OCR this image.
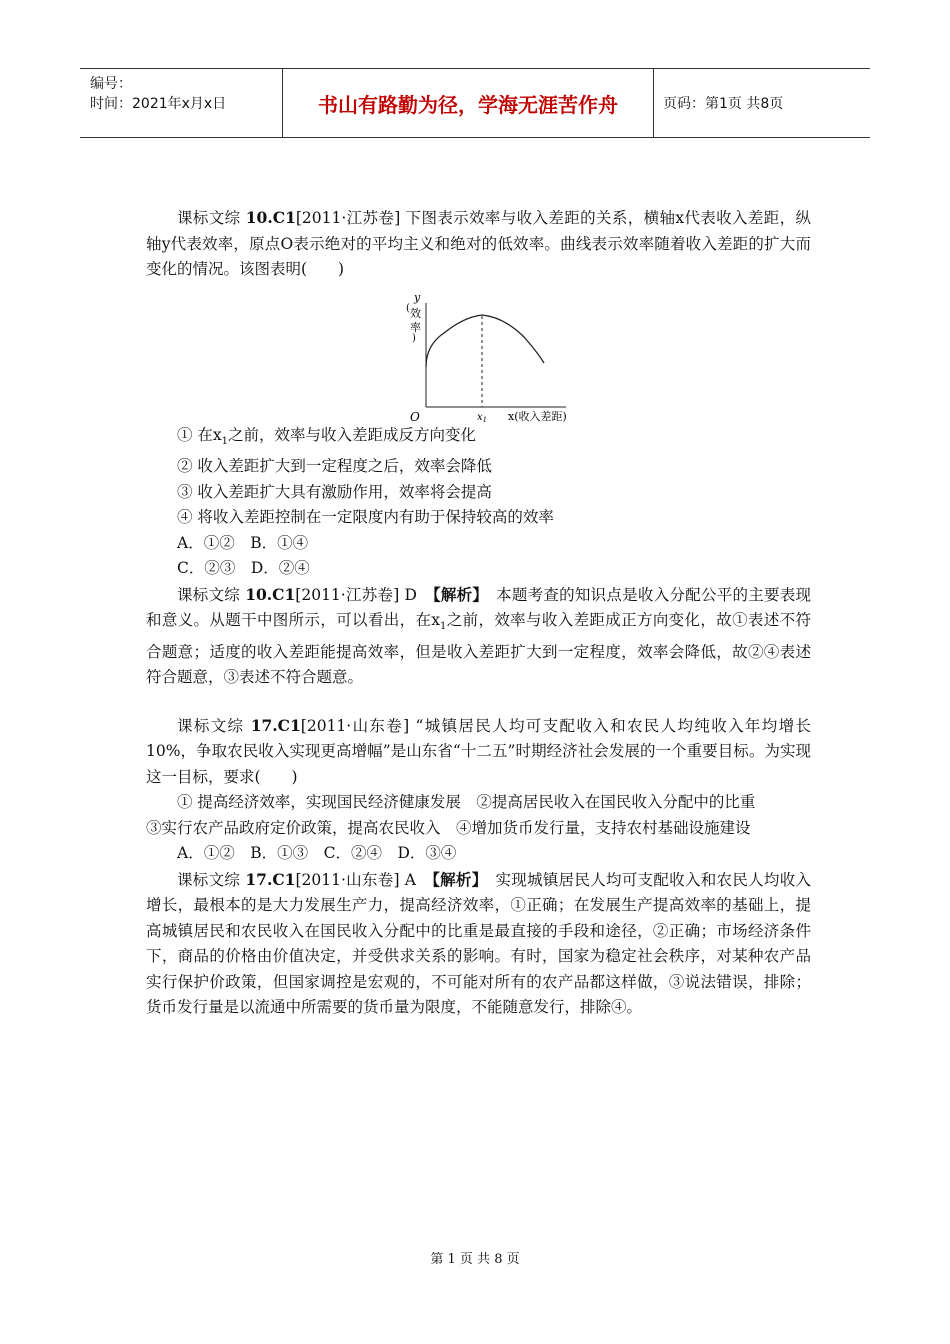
编号：
时间：2021年x月x日	书山有路勤为径，学海无涯苦作舟	页码：第1页 共8页

课标文综 10.C1[2011·江苏卷] 下图表示效率与收入差距的关系，横轴x代表收入差距，纵轴y代表效率，原点O表示绝对的平均主义和绝对的低效率。曲线表示效率随着收入差距的扩大而变化的情况。该图表明(　　)

y
( 效
率
)
O	$x_1$ x(收入差距)

① 在$x_1$之前，效率与收入差距成反方向变化

② 收入差距扩大到一定程度之后，效率会降低

③ 收入差距扩大具有激励作用，效率将会提高

④ 将收入差距控制在一定限度内有助于保持较高的效率

A．①②　B．①④

C．②③　D．②④

课标文综 10.C1[2011·江苏卷] D　【解析】　本题考查的知识点是收入分配公平的主要表现和意义。从题干中图所示，可以看出，在$x_1$之前，效率与收入差距成正方向变化，故①表述不符合题意；适度的收入差距能提高效率，但是收入差距扩大到一定程度，效率会降低，故②④表述符合题意，③表述不符合题意。

课标文综 17.C1[2011·山东卷] “城镇居民人均可支配收入和农民人均纯收入年均增长10%，争取农民收入实现更高增幅”是山东省“十二五”时期经济社会发展的一个重要目标。为实现这一目标，要求(　　)

① 提高经济效率，实现国民经济健康发展　②提高居民收入在国民收入分配中的比重

③实行农产品政府定价政策，提高农民收入　④增加货币发行量，支持农村基础设施建设

A．①②　B．①③　C．②④　D．③④

课标文综 17.C1[2011·山东卷] A　【解析】　实现城镇居民人均可支配收入和农民人均收入增长，最根本的是大力发展生产力，提高经济效率，①正确；在发展生产提高效率的基础上，提高城镇居民和农民收入在国民收入分配中的比重是最直接的手段和途径，②正确；市场经济条件下，商品的价格由价值决定，并受供求关系的影响。有时，国家为稳定社会秩序，对某种农产品实行保护价政策，但国家调控是宏观的，不可能对所有的农产品都这样做，③说法错误，排除；货币发行量是以流通中所需要的货币量为限度，不能随意发行，排除④。

第 1 页 共 8 页
